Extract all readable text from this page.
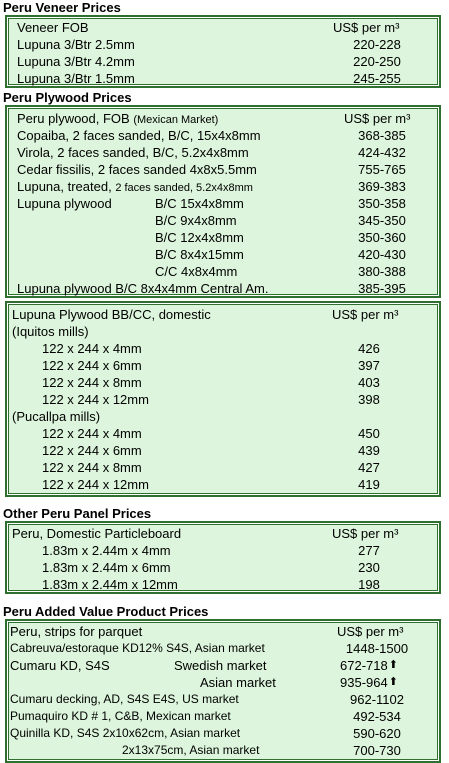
Peru Veneer Prices
Veneer FOB	US$ per m³
Lupuna 3/Btr 2.5mm	220-228
Lupuna 3/Btr 4.2mm	220-250
Lupuna 3/Btr 1.5mm	245-255
Peru Plywood Prices
Peru plywood, FOB (Mexican Market)	US$ per m³
Copaiba, 2 faces sanded, B/C, 15x4x8mm	368-385
Virola, 2 faces sanded, B/C, 5.2x4x8mm	424-432
Cedar fissilis, 2 faces sanded 4x8x5.5mm	755-765
Lupuna, treated, 2 faces sanded, 5.2x4x8mm	369-383
Lupuna plywood	B/C 15x4x8mm	350-358
B/C 9x4x8mm	345-350
B/C 12x4x8mm	350-360
B/C 8x4x15mm	420-430
C/C 4x8x4mm	380-388
Lupuna plywood B/C 8x4x4mm Central Am.	385-395
Lupuna Plywood BB/CC, domestic	US$ per m³
(Iquitos mills)
122 x 244 x 4mm	426
122 x 244 x 6mm	397
122 x 244 x 8mm	403
122 x 244 x 12mm	398
(Pucallpa mills)
122 x 244 x 4mm	450
122 x 244 x 6mm	439
122 x 244 x 8mm	427
122 x 244 x 12mm	419
Other Peru Panel Prices
Peru, Domestic Particleboard	US$ per m³
1.83m x 2.44m x 4mm	277
1.83m x 2.44m x 6mm	230
1.83m x 2.44m x 12mm	198
Peru Added Value Product Prices
Peru, strips for parquet	US$ per m³
Cabreuva/estoraque KD12% S4S, Asian market	1448-1500
Cumaru KD, S4S	Swedish market	672-718 ⬆
Asian market	935-964 ⬆
Cumaru decking, AD, S4S E4S, US market	962-1102
Pumaquiro KD # 1, C&B, Mexican market	492-534
Quinilla KD, S4S 2x10x62cm, Asian market	590-620
2x13x75cm, Asian market	700-730
